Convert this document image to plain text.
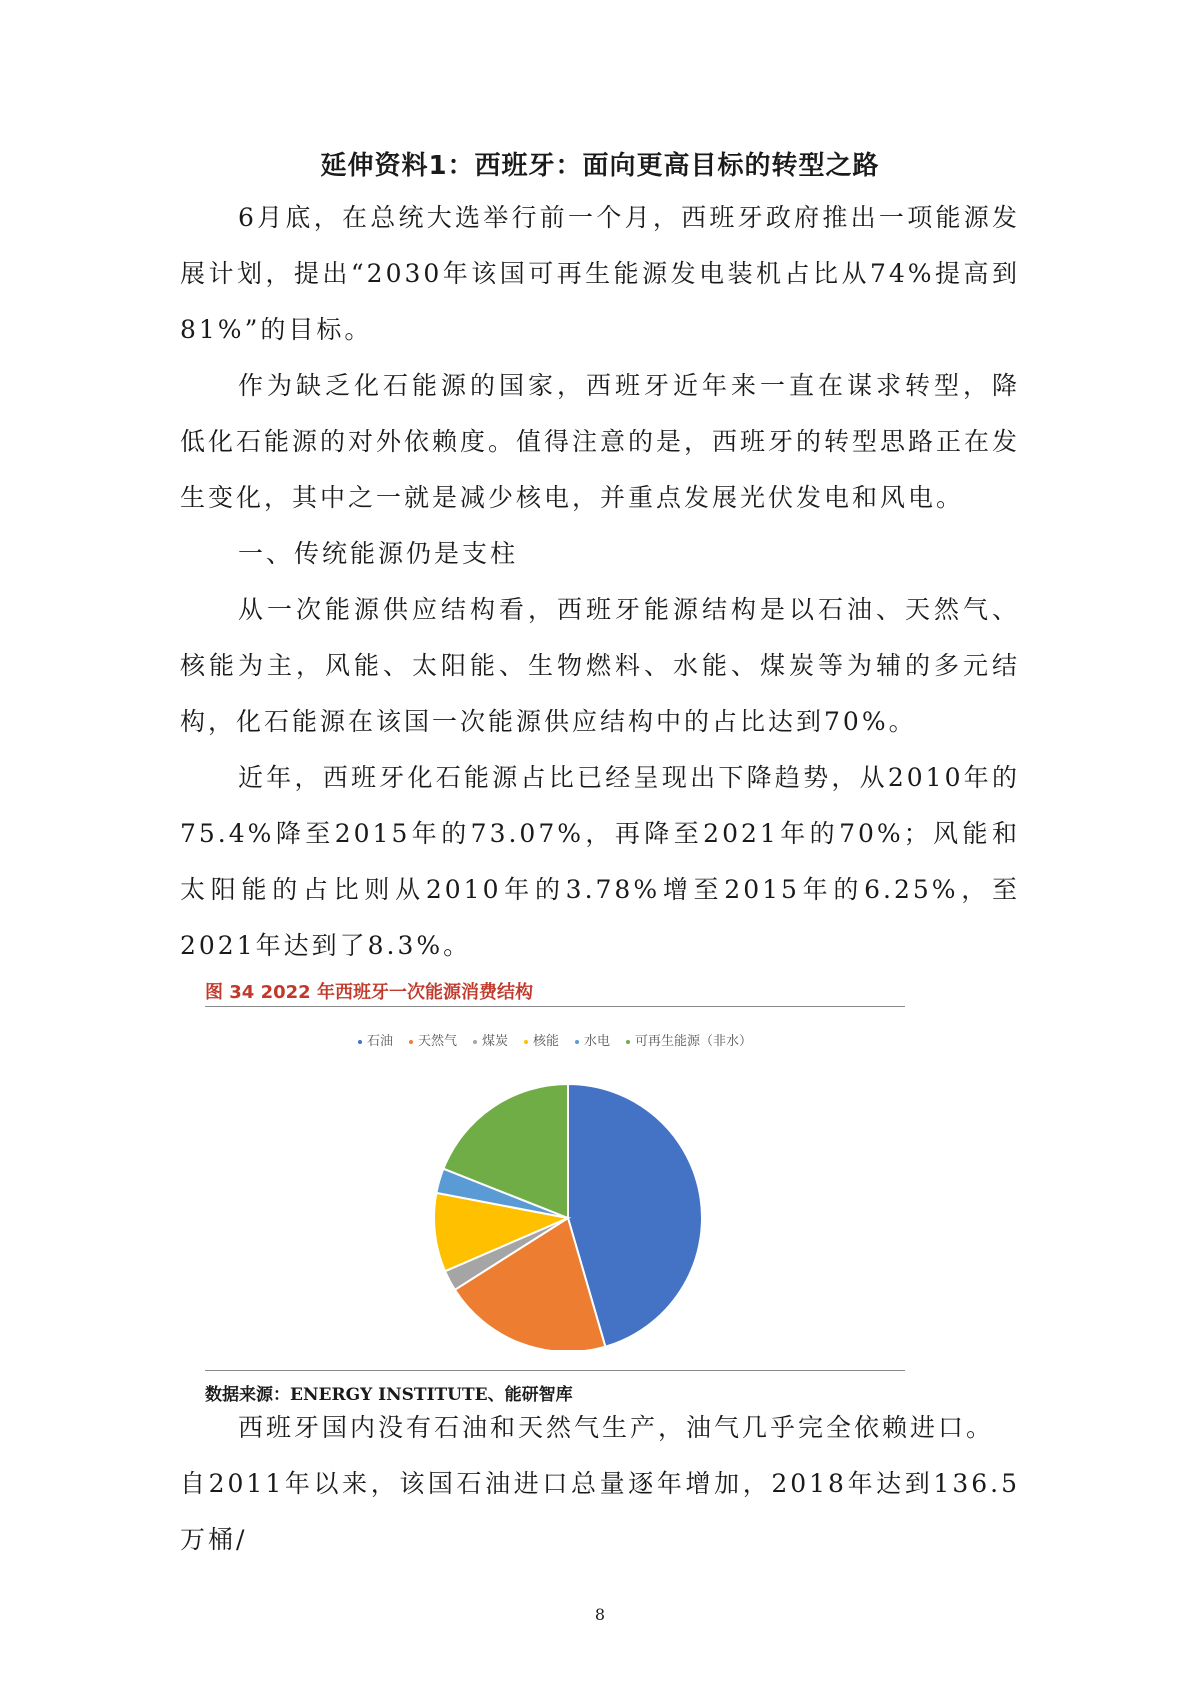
延伸资料1：西班牙：面向更高目标的转型之路

6月底，在总统大选举行前一个月，西班牙政府推出一项能源发展计划，提出“2030年该国可再生能源发电装机占比从74%提高到81%”的目标。

作为缺乏化石能源的国家，西班牙近年来一直在谋求转型，降低化石能源的对外依赖度。值得注意的是，西班牙的转型思路正在发生变化，其中之一就是减少核电，并重点发展光伏发电和风电。

一、传统能源仍是支柱

从一次能源供应结构看，西班牙能源结构是以石油、天然气、核能为主，风能、太阳能、生物燃料、水能、煤炭等为辅的多元结构，化石能源在该国一次能源供应结构中的占比达到70%。

近年，西班牙化石能源占比已经呈现出下降趋势，从2010年的75.4%降至2015年的73.07%，再降至2021年的70%；风能和太阳能的占比则从2010年的3.78%增至2015年的6.25%，至2021年达到了8.3%。

图 34 2022 年西班牙一次能源消费结构
石油 天然气 煤炭 核能 水电 可再生能源（非水）
数据来源：ENERGY INSTITUTE、能研智库

西班牙国内没有石油和天然气生产，油气几乎完全依赖进口。

自2011年以来，该国石油进口总量逐年增加，2018年达到136.5万桶/

8
